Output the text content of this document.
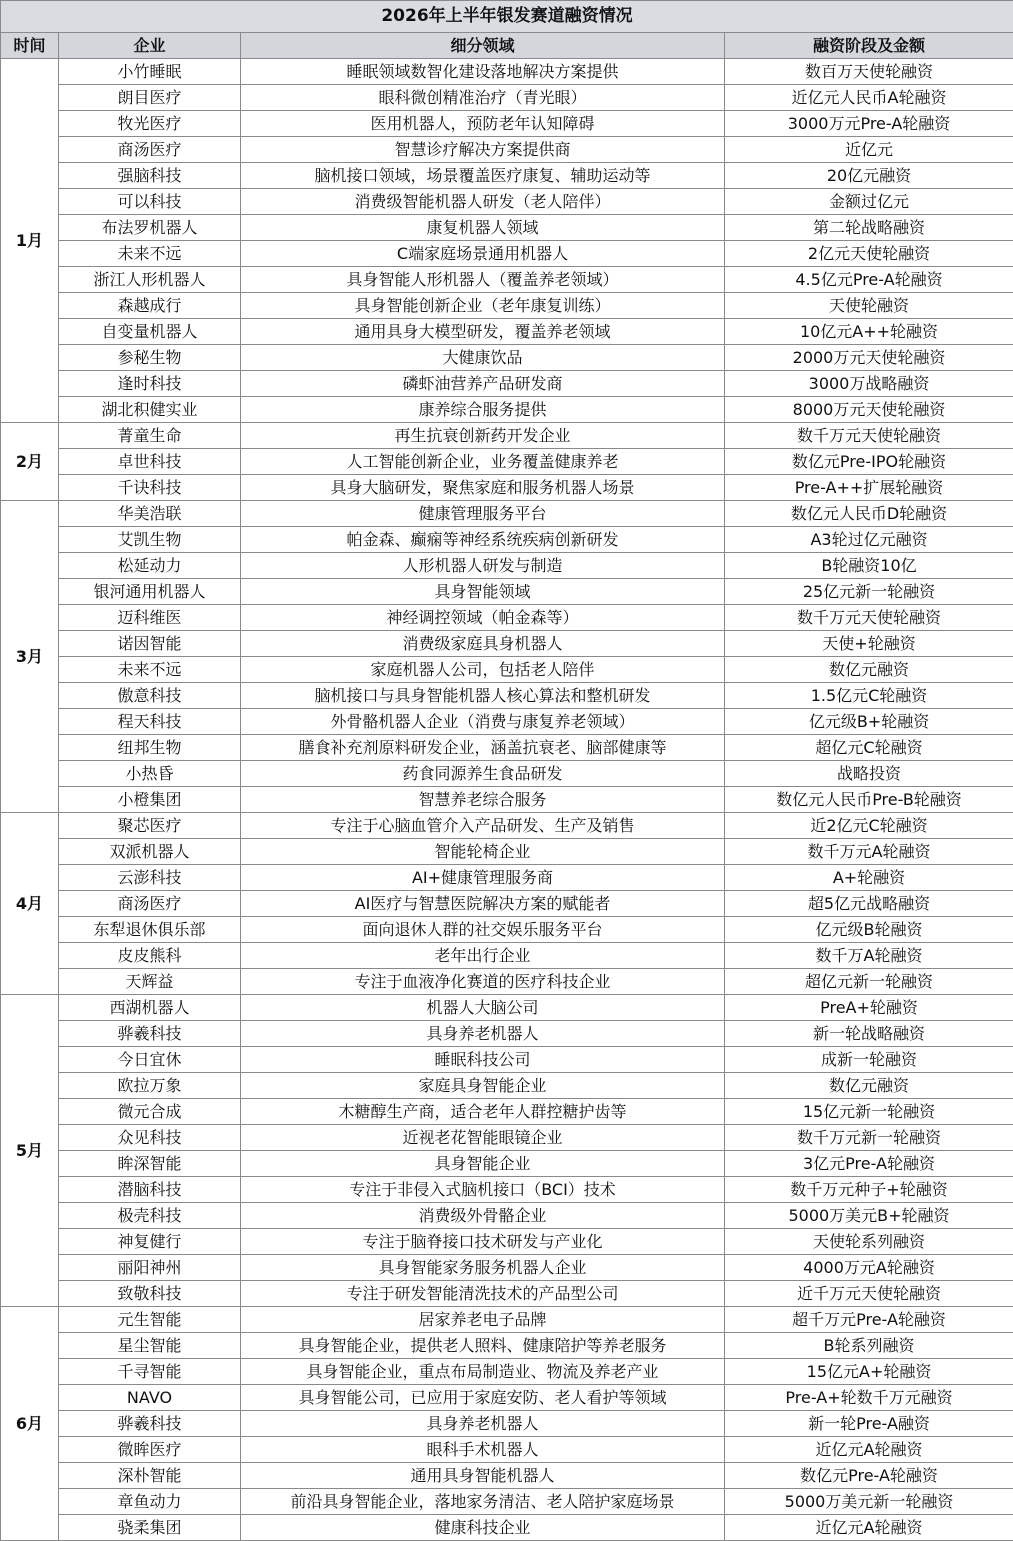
2026年上半年银发赛道融资情况			
时间	企业	细分领域	融资阶段及金额
1月	小竹睡眠	睡眠领域数智化建设落地解决方案提供	数百万天使轮融资
	朗目医疗	眼科微创精准治疗（青光眼）	近亿元人民币A轮融资
	牧光医疗	医用机器人，预防老年认知障碍	3000万元Pre-A轮融资
	商汤医疗	智慧诊疗解决方案提供商	近亿元
	强脑科技	脑机接口领域，场景覆盖医疗康复、辅助运动等	20亿元融资
	可以科技	消费级智能机器人研发（老人陪伴）	金额过亿元
	布法罗机器人	康复机器人领域	第二轮战略融资
	未来不远	C端家庭场景通用机器人	2亿元天使轮融资
	浙江人形机器人	具身智能人形机器人（覆盖养老领域）	4.5亿元Pre-A轮融资
	森越成行	具身智能创新企业（老年康复训练）	天使轮融资
	自变量机器人	通用具身大模型研发，覆盖养老领域	10亿元A++轮融资
	参秘生物	大健康饮品	2000万元天使轮融资
	逢时科技	磷虾油营养产品研发商	3000万战略融资
	湖北积健实业	康养综合服务提供	8000万元天使轮融资
2月	菁童生命	再生抗衰创新药开发企业	数千万元天使轮融资
	卓世科技	人工智能创新企业，业务覆盖健康养老	数亿元Pre-IPO轮融资
	千诀科技	具身大脑研发，聚焦家庭和服务机器人场景	Pre-A++扩展轮融资
3月	华美浩联	健康管理服务平台	数亿元人民币D轮融资
	艾凯生物	帕金森、癫痫等神经系统疾病创新研发	A3轮过亿元融资
	松延动力	人形机器人研发与制造	B轮融资10亿
	银河通用机器人	具身智能领域	25亿元新一轮融资
	迈科维医	神经调控领域（帕金森等）	数千万元天使轮融资
	诺因智能	消费级家庭具身机器人	天使+轮融资
	未来不远	家庭机器人公司，包括老人陪伴	数亿元融资
	傲意科技	脑机接口与具身智能机器人核心算法和整机研发	1.5亿元C轮融资
	程天科技	外骨骼机器人企业（消费与康复养老领域）	亿元级B+轮融资
	纽邦生物	膳食补充剂原料研发企业，涵盖抗衰老、脑部健康等	超亿元C轮融资
	小热昏	药食同源养生食品研发	战略投资
	小橙集团	智慧养老综合服务	数亿元人民币Pre-B轮融资
4月	聚芯医疗	专注于心脑血管介入产品研发、生产及销售	近2亿元C轮融资
	双派机器人	智能轮椅企业	数千万元A轮融资
	云澎科技	AI+健康管理服务商	A+轮融资
	商汤医疗	AI医疗与智慧医院解决方案的赋能者	超5亿元战略融资
	东犁退休俱乐部	面向退休人群的社交娱乐服务平台	亿元级B轮融资
	皮皮熊科	老年出行企业	数千万A轮融资
	天辉益	专注于血液净化赛道的医疗科技企业	超亿元新一轮融资
5月	西湖机器人	机器人大脑公司	PreA+轮融资
	骅羲科技	具身养老机器人	新一轮战略融资
	今日宜休	睡眠科技公司	成新一轮融资
	欧拉万象	家庭具身智能企业	数亿元融资
	微元合成	木糖醇生产商，适合老年人群控糖护齿等	15亿元新一轮融资
	众见科技	近视老花智能眼镜企业	数千万元新一轮融资
	眸深智能	具身智能企业	3亿元Pre-A轮融资
	潜脑科技	专注于非侵入式脑机接口（BCI）技术	数千万元种子+轮融资
	极壳科技	消费级外骨骼企业	5000万美元B+轮融资
	神复健行	专注于脑脊接口技术研发与产业化	天使轮系列融资
	丽阳神州	具身智能家务服务机器人企业	4000万元A轮融资
	致敬科技	专注于研发智能清洗技术的产品型公司	近千万元天使轮融资
6月	元生智能	居家养老电子品牌	超千万元Pre-A轮融资
	星尘智能	具身智能企业，提供老人照料、健康陪护等养老服务	B轮系列融资
	千寻智能	具身智能企业，重点布局制造业、物流及养老产业	15亿元A+轮融资
	NAVO	具身智能公司，已应用于家庭安防、老人看护等领域	Pre-A+轮数千万元融资
	骅羲科技	具身养老机器人	新一轮Pre-A融资
	微眸医疗	眼科手术机器人	近亿元A轮融资
	深朴智能	通用具身智能机器人	数亿元Pre-A轮融资
	章鱼动力	前沿具身智能企业，落地家务清洁、老人陪护家庭场景	5000万美元新一轮融资
	骁柔集团	健康科技企业	近亿元A轮融资
